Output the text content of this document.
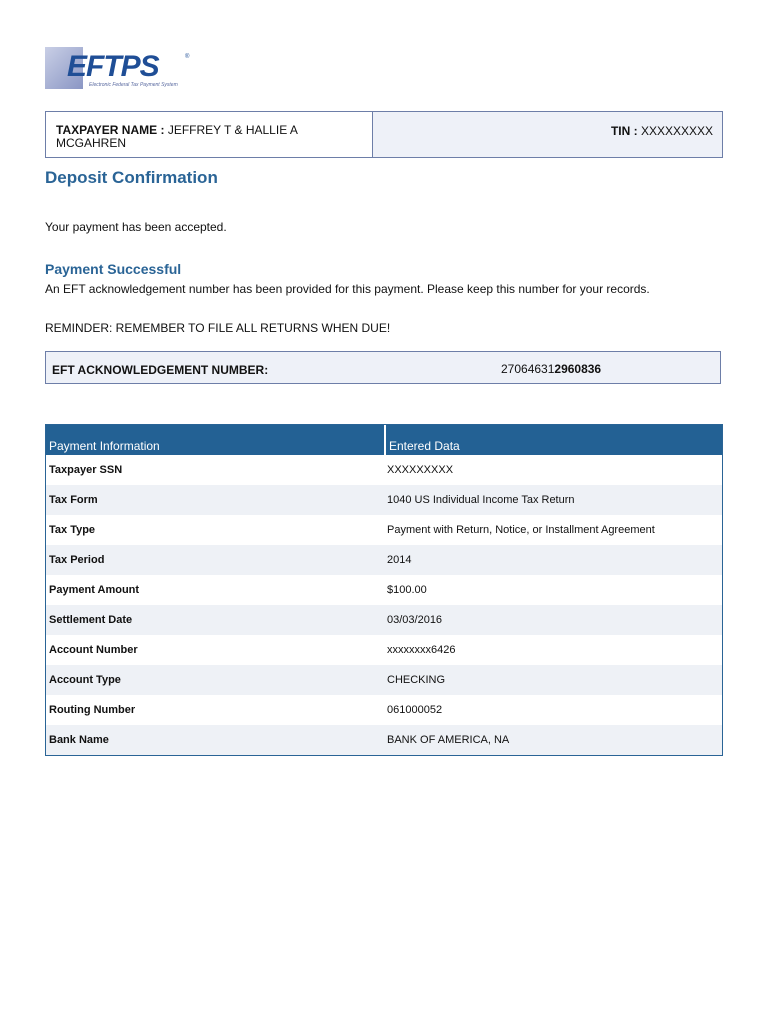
EFTPS	®
Electronic Federal Tax Payment System
TAXPAYER NAME : JEFFREY T & HALLIE A MCGAHREN
TIN : XXXXXXXXX
Deposit Confirmation
Your payment has been accepted.
Payment Successful
An EFT acknowledgement number has been provided for this payment. Please keep this number for your records.
REMINDER: REMEMBER TO FILE ALL RETURNS WHEN DUE!
EFT ACKNOWLEDGEMENT NUMBER:	270646312960836
Payment Information	Entered Data
Taxpayer SSN	XXXXXXXXX
Tax Form	1040 US Individual Income Tax Return
Tax Type	Payment with Return, Notice, or Installment Agreement
Tax Period	2014
Payment Amount	$100.00
Settlement Date	03/03/2016
Account Number	xxxxxxxx6426
Account Type	CHECKING
Routing Number	061000052
Bank Name	BANK OF AMERICA, NA
